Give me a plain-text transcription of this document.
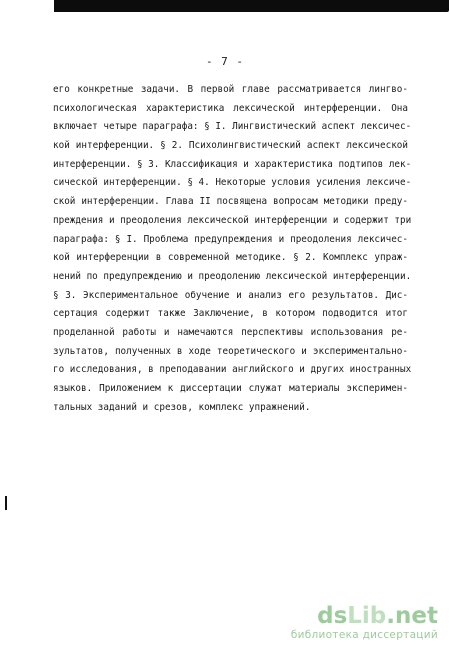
- 7 -
его конкретные задачи. В первой главе рассматривается лингво-
психологическая характеристика лексической интерференции. Она
включает четыре параграфа: § I. Лингвистический аспект лексичес-
кой интерференции. § 2. Психолингвистический аспект лексической
интерференции. § 3. Классификация и характеристика подтипов лек-
сической интерференции. § 4. Некоторые условия усиления лексиче-
ской интерференции. Глава II посвящена вопросам методики преду-
преждения и преодоления лексической интерференции и содержит три
параграфа: § I. Проблема предупреждения и преодоления лексичес-
кой интерференции в современной методике. § 2. Комплекс упраж-
нений по предупреждению и преодолению лексической интерференции.
§ 3. Экспериментальное обучение и анализ его результатов. Дис-
сертация содержит также Заключение, в котором подводится итог
проделанной работы и намечаются перспективы использования ре-
зультатов, полученных в ходе теоретического и экспериментально-
го исследования, в преподавании английского и других иностранных
языков. Приложением к диссертации служат материалы эксперимен-
тальных заданий и срезов, комплекс упражнений.
dsLib.net
библиотека диссертаций
